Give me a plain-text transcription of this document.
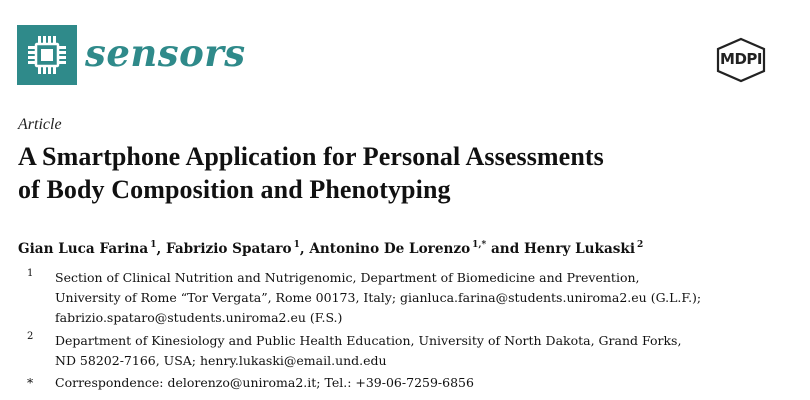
sensors	MDPI
Article
A Smartphone Application for Personal Assessments
of Body Composition and Phenotyping
Gian Luca Farina $^1$, Fabrizio Spataro $^1$, Antonino De Lorenzo $^{1,*}$ and Henry Lukaski $^2$
1 Section of Clinical Nutrition and Nutrigenomic, Department of Biomedicine and Prevention,
University of Rome “Tor Vergata”, Rome 00173, Italy; gianluca.farina@students.uniroma2.eu (G.L.F.);
fabrizio.spataro@students.uniroma2.eu (F.S.)
2 Department of Kinesiology and Public Health Education, University of North Dakota, Grand Forks,
ND 58202-7166, USA; henry.lukaski@email.und.edu
* Correspondence: delorenzo@uniroma2.it; Tel.: +39-06-7259-6856
